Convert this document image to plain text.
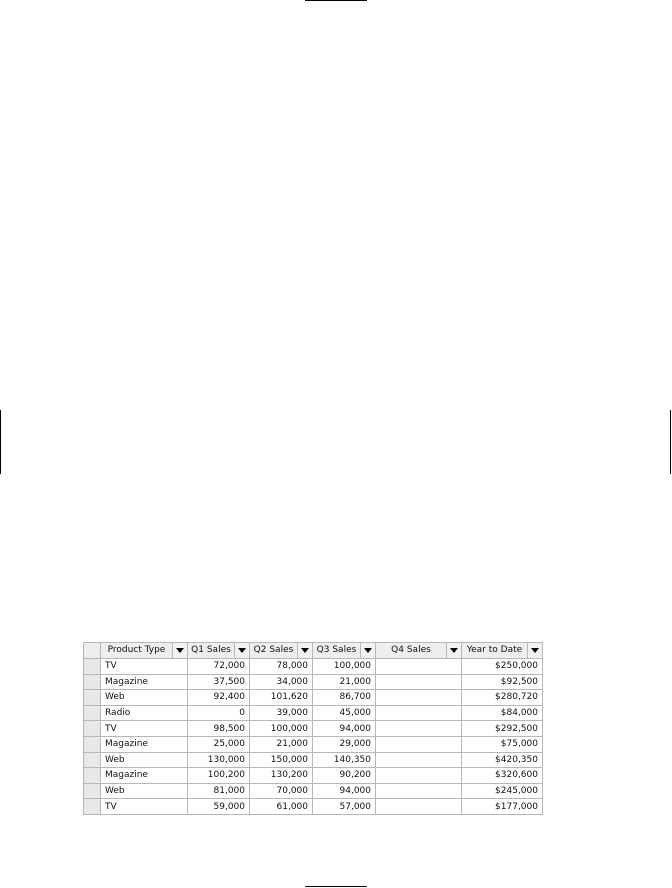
	Product Type	Q1 Sales	Q2 Sales	Q3 Sales	Q4 Sales	Year to Date

	TV	72,000	78,000	100,000		$250,000
	Magazine	37,500	34,000	21,000		$92,500
	Web	92,400	101,620	86,700		$280,720
	Radio	0	39,000	45,000		$84,000
	TV	98,500	100,000	94,000		$292,500
	Magazine	25,000	21,000	29,000		$75,000
	Web	130,000	150,000	140,350		$420,350
	Magazine	100,200	130,200	90,200		$320,600
	Web	81,000	70,000	94,000		$245,000
	TV	59,000	61,000	57,000		$177,000
